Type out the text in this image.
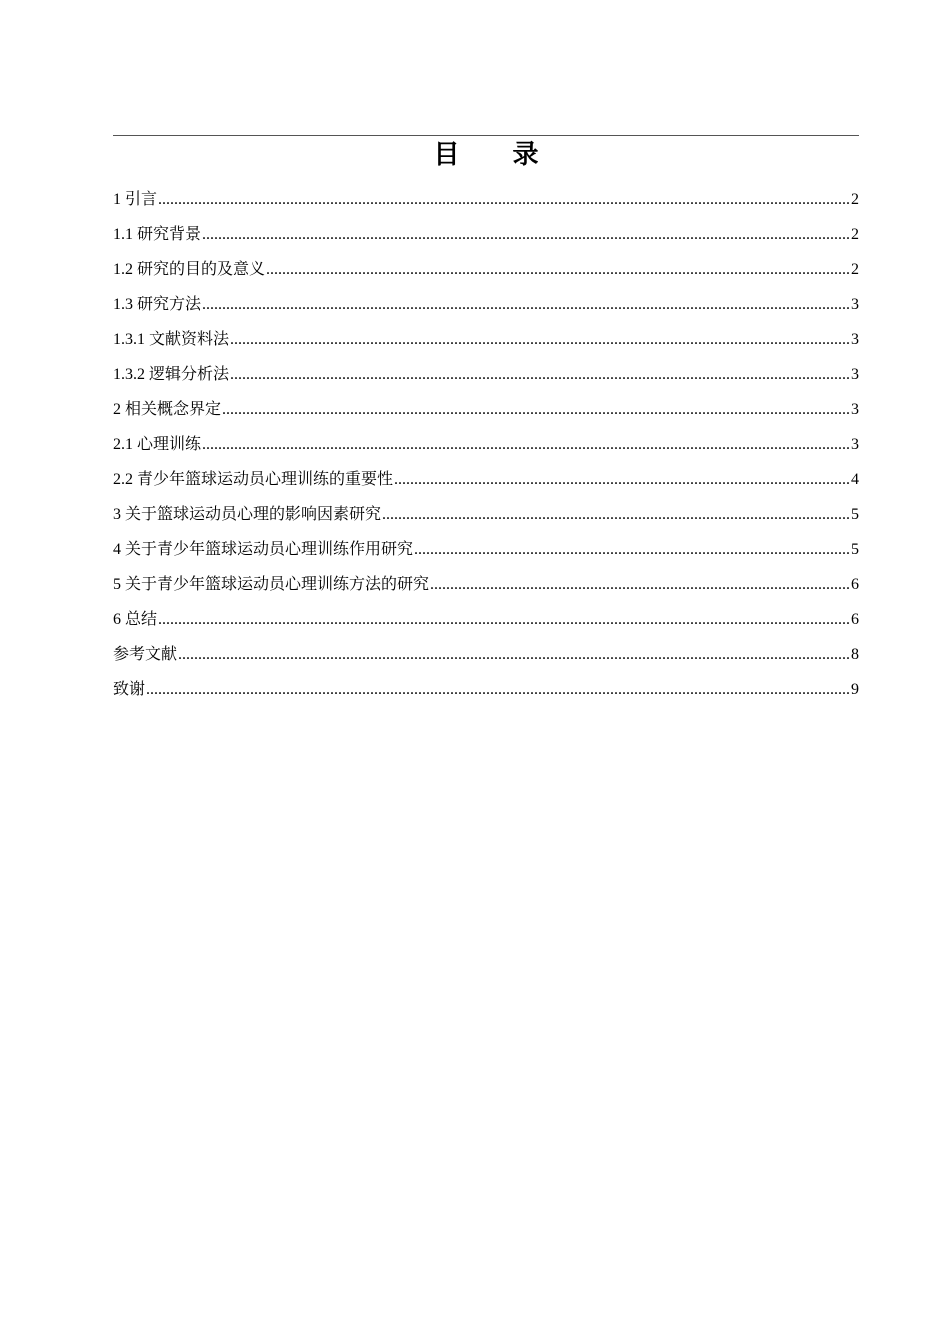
目 录
1 引言 .....	2
1.1 研究背景 .....	2
1.2 研究的目的及意义 .....	2
1.3 研究方法 .....	3
1.3.1 文献资料法 .....	3
1.3.2 逻辑分析法 .....	3
2 相关概念界定 .....	3
2.1 心理训练 .....	3
2.2 青少年篮球运动员心理训练的重要性 .....	4
3 关于篮球运动员心理的影响因素研究 .....	5
4 关于青少年篮球运动员心理训练作用研究 .....	5
5 关于青少年篮球运动员心理训练方法的研究 .....	6
6 总结 .....	6
参考文献 .....	8
致谢 .....	9
